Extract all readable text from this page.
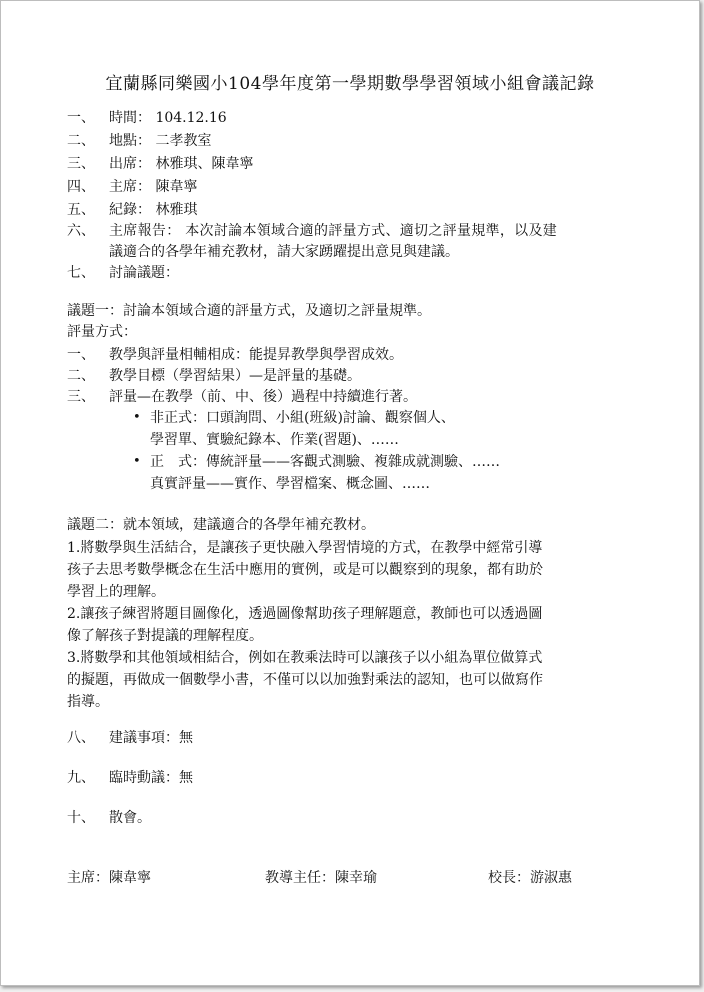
宜蘭縣同樂國小104學年度第一學期數學學習領域小組會議記錄
一、 時間： 104.12.16
二、 地點： 二孝教室
三、 出席： 林雅琪、陳韋寧
四、 主席： 陳韋寧
五、 紀錄： 林雅琪
六、 主席報告： 本次討論本領域合適的評量方式、適切之評量規準，以及建
議適合的各學年補充教材，請大家踴躍提出意見與建議。
七、 討論議題：
議題一：討論本領域合適的評量方式，及適切之評量規準。
評量方式：
一、 教學與評量相輔相成：能提昇教學與學習成效。
二、 教學目標（學習結果）—是評量的基礎。
三、 評量—在教學（前、中、後）過程中持續進行著。
• 非正式：口頭詢問、小組(班級)討論、觀察個人、
學習單、實驗紀錄本、作業(習題)、……
• 正　式：傳統評量——客觀式測驗、複雜成就測驗、……
真實評量——實作、學習檔案、概念圖、……
議題二：就本領域，建議適合的各學年補充教材。
1.將數學與生活結合，是讓孩子更快融入學習情境的方式，在教學中經常引導
孩子去思考數學概念在生活中應用的實例，或是可以觀察到的現象，都有助於
學習上的理解。
2.讓孩子練習將題目圖像化，透過圖像幫助孩子理解題意，教師也可以透過圖
像了解孩子對提議的理解程度。
3.將數學和其他領域相結合，例如在教乘法時可以讓孩子以小組為單位做算式
的擬題，再做成一個數學小書，不僅可以以加強對乘法的認知，也可以做寫作
指導。
八、 建議事項：無
九、 臨時動議：無
十、 散會。
主席：陳韋寧	教導主任：陳幸瑜	校長：游淑惠
